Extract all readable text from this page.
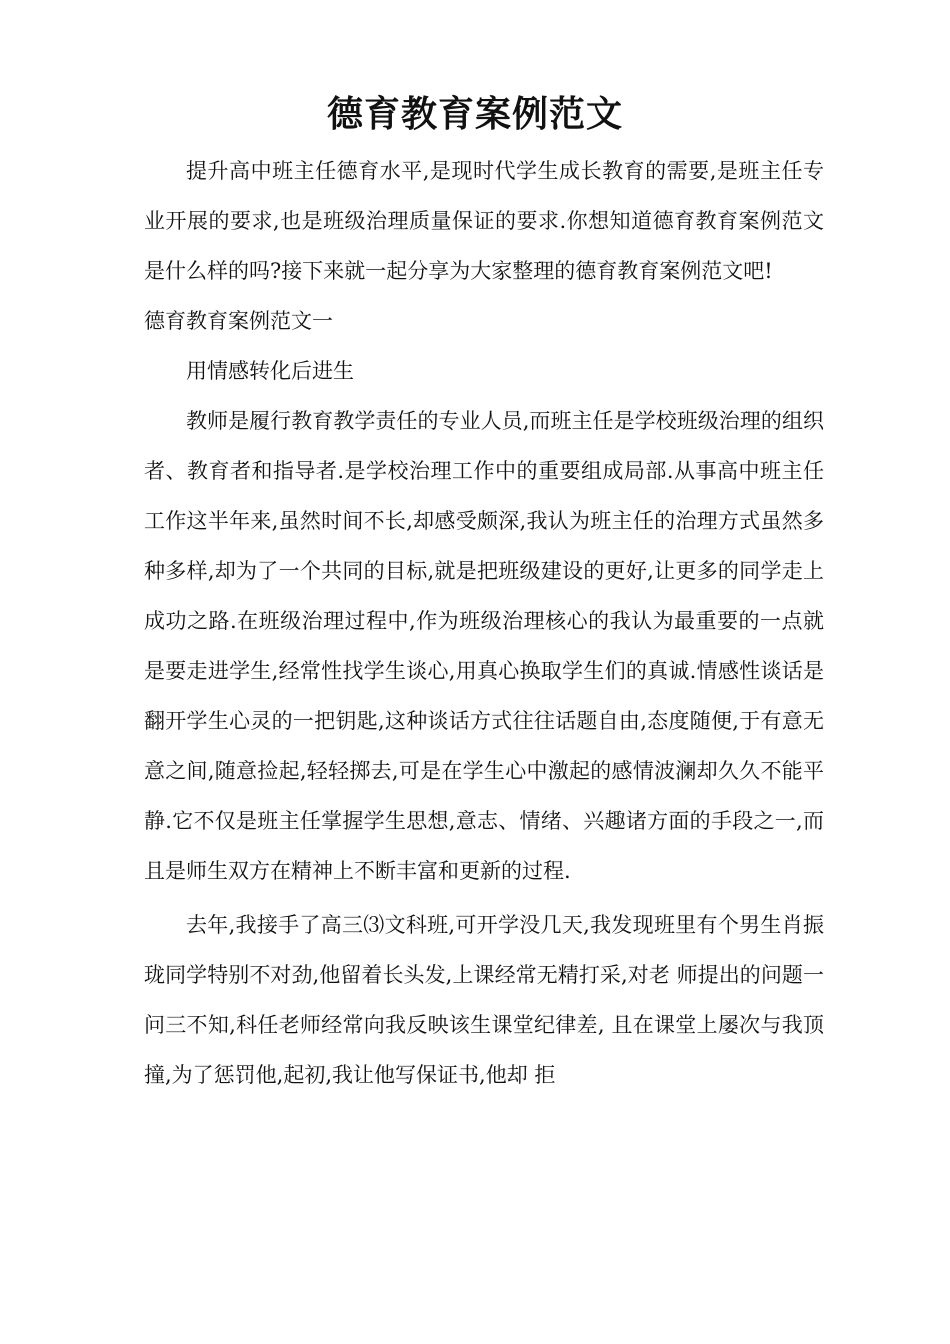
德育教育案例范文

提升高中班主任德育水平,是现时代学生成长教育的需要,是班主任专业开展的要求,也是班级治理质量保证的要求.你想知道德育教育案例范文是什么样的吗?接下来就一起分享为大家整理的德育教育案例范文吧!

德育教育案例范文一

用情感转化后进生

教师是履行教育教学责任的专业人员,而班主任是学校班级治理的组织者、教育者和指导者.是学校治理工作中的重要组成局部.从事高中班主任工作这半年来,虽然时间不长,却感受颇深,我认为班主任的治理方式虽然多种多样,却为了一个共同的目标,就是把班级建设的更好,让更多的同学走上成功之路.在班级治理过程中,作为班级治理核心的我认为最重要的一点就是要走进学生,经常性找学生谈心,用真心换取学生们的真诚.情感性谈话是翻开学生心灵的一把钥匙,这种谈话方式往往话题自由,态度随便,于有意无意之间,随意捡起,轻轻掷去,可是在学生心中激起的感情波澜却久久不能平静.它不仅是班主任掌握学生思想,意志、情绪、兴趣诸方面的手段之一,而且是师生双方在精神上不断丰富和更新的过程.

去年,我接手了高三⑶文科班,可开学没几天,我发现班里有个男生肖振珑同学特别不对劲,他留着长头发,上课经常无精打采,对老 师提出的问题一问三不知,科任老师经常向我反映该生课堂纪律差, 且在课堂上屡次与我顶撞,为了惩罚他,起初,我让他写保证书,他却 拒
